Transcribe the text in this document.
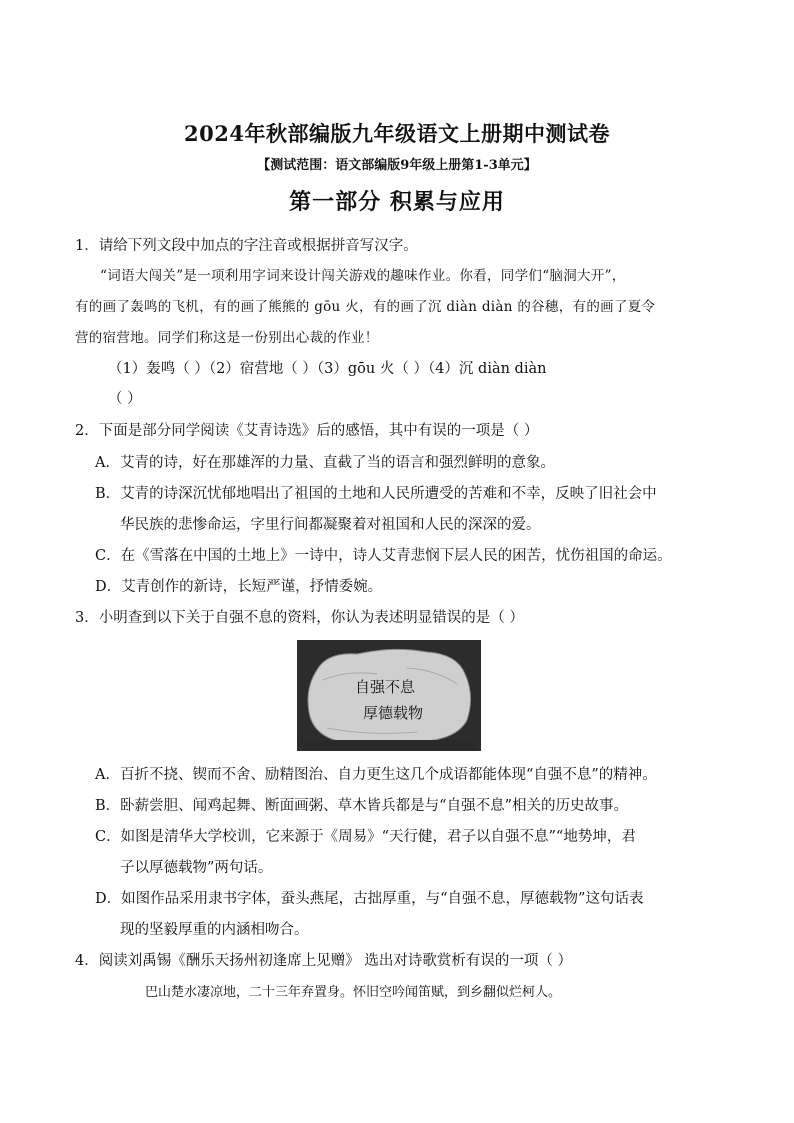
2024年秋部编版九年级语文上册期中测试卷
【测试范围：语文部编版9年级上册第1-3单元】
第一部分 积累与应用
1．请给下列文段中加点的字注音或根据拼音写汉字。
“词语大闯关”是一项利用字词来设计闯关游戏的趣味作业。你看，同学们“脑洞大开”，
有的画了轰鸣的飞机，有的画了熊熊的 gōu 火，有的画了沉 diàn diàn 的谷穗，有的画了夏令
营的宿营地。同学们称这是一份别出心裁的作业！
（1）轰鸣（ ）（2）宿营地（ ）（3）gōu 火（ ）（4）沉 diàn diàn
（ ）
2．下面是部分同学阅读《艾青诗选》后的感悟，其中有误的一项是（ ）
A．艾青的诗，好在那雄浑的力量、直截了当的语言和强烈鲜明的意象。
B．艾青的诗深沉忧郁地唱出了祖国的土地和人民所遭受的苦难和不幸，反映了旧社会中
华民族的悲惨命运，字里行间都凝聚着对祖国和人民的深深的爱。
C．在《雪落在中国的土地上》一诗中，诗人艾青悲悯下层人民的困苦，忧伤祖国的命运。
D．艾青创作的新诗，长短严谨，抒情委婉。
3．小明查到以下关于自强不息的资料，你认为表述明显错误的是（ ）
自强不息
厚德载物
A．百折不挠、锲而不舍、励精图治、自力更生这几个成语都能体现“自强不息”的精神。
B．卧薪尝胆、闻鸡起舞、断面画粥、草木皆兵都是与“自强不息”相关的历史故事。
C．如图是清华大学校训，它来源于《周易》“天行健，君子以自强不息”“地势坤，君
子以厚德载物”两句话。
D．如图作品采用隶书字体，蚕头燕尾，古拙厚重，与“自强不息，厚德载物”这句话表
现的坚毅厚重的内涵相吻合。
4．阅读刘禹锡《酬乐天扬州初逢席上见赠》 选出对诗歌赏析有误的一项（ ）
巴山楚水凄凉地，二十三年弃置身。怀旧空吟闻笛赋，到乡翻似烂柯人。
